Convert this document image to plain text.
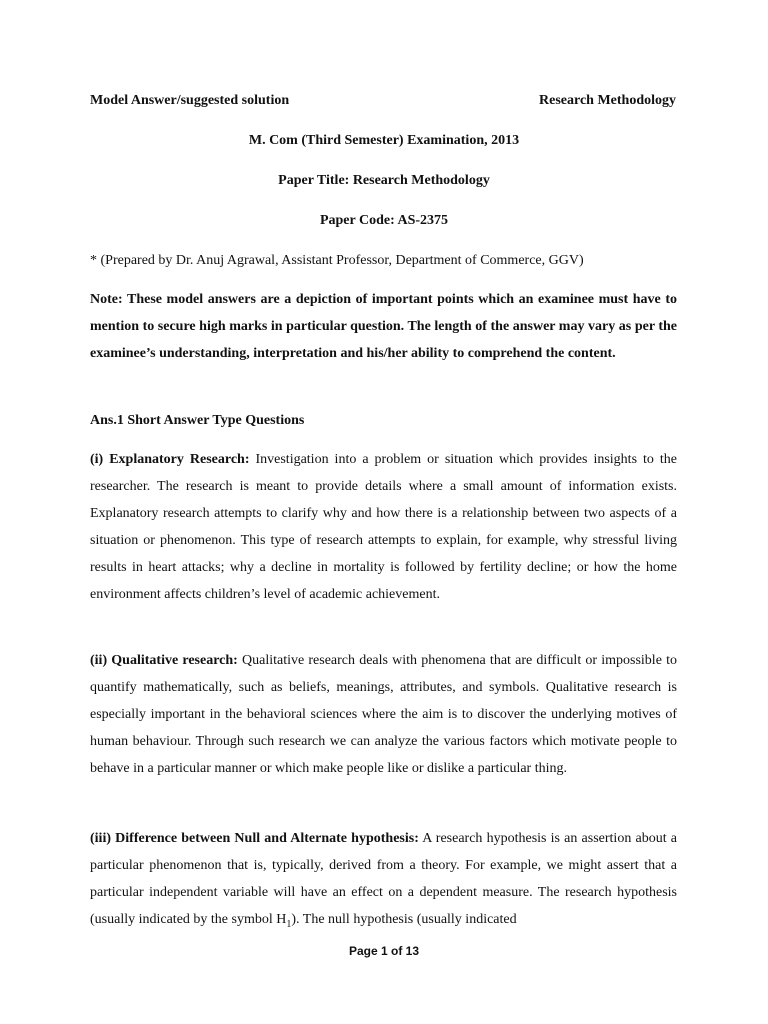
Model Answer/suggested solution	Research Methodology
M. Com (Third Semester) Examination, 2013
Paper Title: Research Methodology
Paper Code: AS-2375
* (Prepared by Dr. Anuj Agrawal, Assistant Professor, Department of Commerce, GGV)

Note: These model answers are a depiction of important points which an examinee must have to mention to secure high marks in particular question. The length of the answer may vary as per the examinee’s understanding, interpretation and his/her ability to comprehend the content.

Ans.1 Short Answer Type Questions

(i) Explanatory Research: Investigation into a problem or situation which provides insights to the researcher. The research is meant to provide details where a small amount of information exists. Explanatory research attempts to clarify why and how there is a relationship between two aspects of a situation or phenomenon. This type of research attempts to explain, for example, why stressful living results in heart attacks; why a decline in mortality is followed by fertility decline; or how the home environment affects children’s level of academic achievement.

(ii) Qualitative research: Qualitative research deals with phenomena that are difficult or impossible to quantify mathematically, such as beliefs, meanings, attributes, and symbols. Qualitative research is especially important in the behavioral sciences where the aim is to discover the underlying motives of human behaviour. Through such research we can analyze the various factors which motivate people to behave in a particular manner or which make people like or dislike a particular thing.

(iii) Difference between Null and Alternate hypothesis: A research hypothesis is an assertion about a particular phenomenon that is, typically, derived from a theory. For example, we might assert that a particular independent variable will have an effect on a dependent measure. The research hypothesis (usually indicated by the symbol $H_1$). The null hypothesis (usually indicated

Page 1 of 13
